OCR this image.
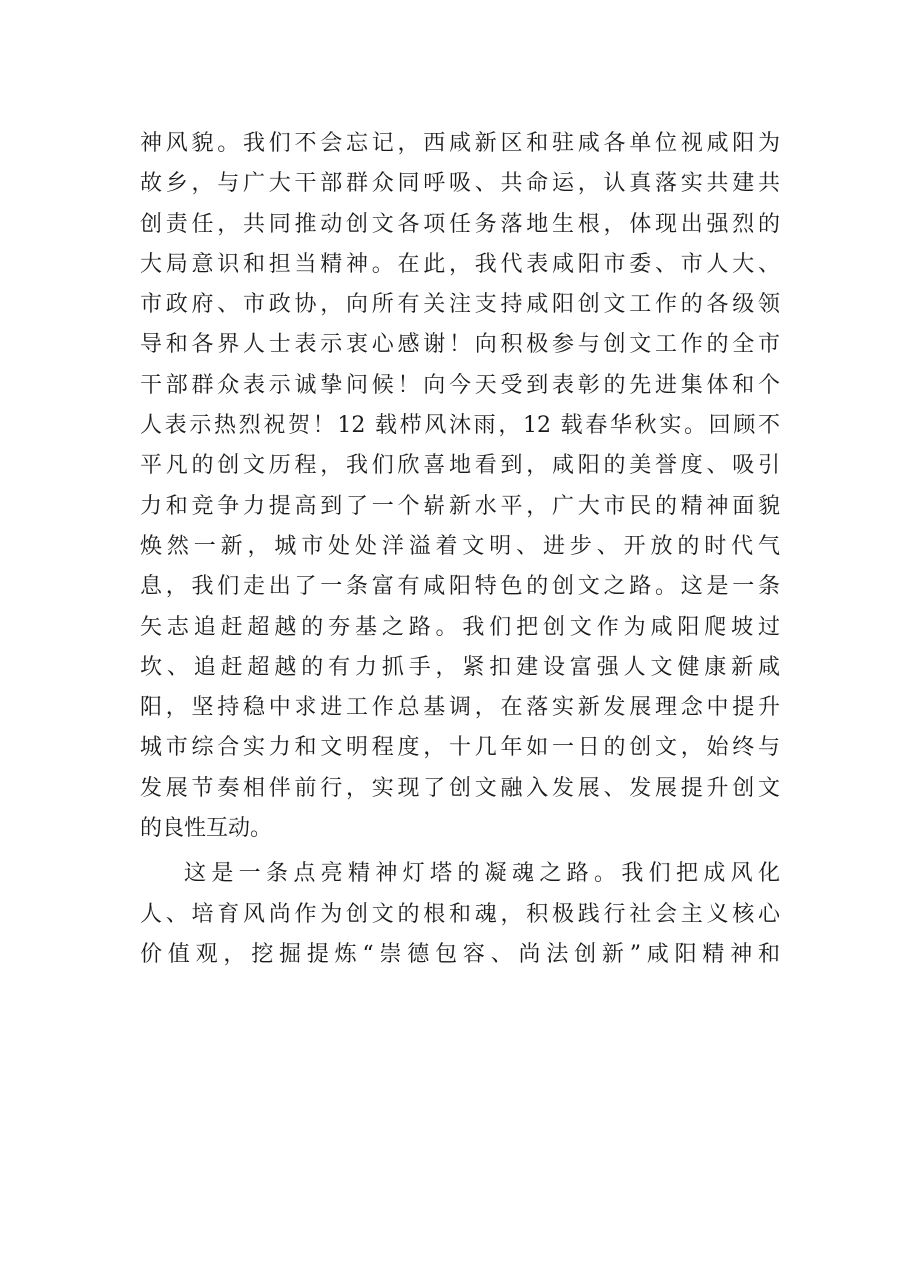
神风貌。我们不会忘记，西咸新区和驻咸各单位视咸阳为
故乡，与广大干部群众同呼吸、共命运，认真落实共建共
创责任，共同推动创文各项任务落地生根，体现出强烈的
大局意识和担当精神。在此，我代表咸阳市委、市人大、
市政府、市政协，向所有关注支持咸阳创文工作的各级领
导和各界人士表示衷心感谢！向积极参与创文工作的全市
干部群众表示诚挚问候！向今天受到表彰的先进集体和个
人表示热烈祝贺！12 载栉风沐雨，12 载春华秋实。回顾不
平凡的创文历程，我们欣喜地看到，咸阳的美誉度、吸引
力和竞争力提高到了一个崭新水平，广大市民的精神面貌
焕然一新，城市处处洋溢着文明、进步、开放的时代气
息，我们走出了一条富有咸阳特色的创文之路。这是一条
矢志追赶超越的夯基之路。我们把创文作为咸阳爬坡过
坎、追赶超越的有力抓手，紧扣建设富强人文健康新咸
阳，坚持稳中求进工作总基调，在落实新发展理念中提升
城市综合实力和文明程度，十几年如一日的创文，始终与
发展节奏相伴前行，实现了创文融入发展、发展提升创文
的良性互动。
这是一条点亮精神灯塔的凝魂之路。我们把成风化
人、培育风尚作为创文的根和魂，积极践行社会主义核心
价值观，挖掘提炼“崇德包容、尚法创新”咸阳精神和
